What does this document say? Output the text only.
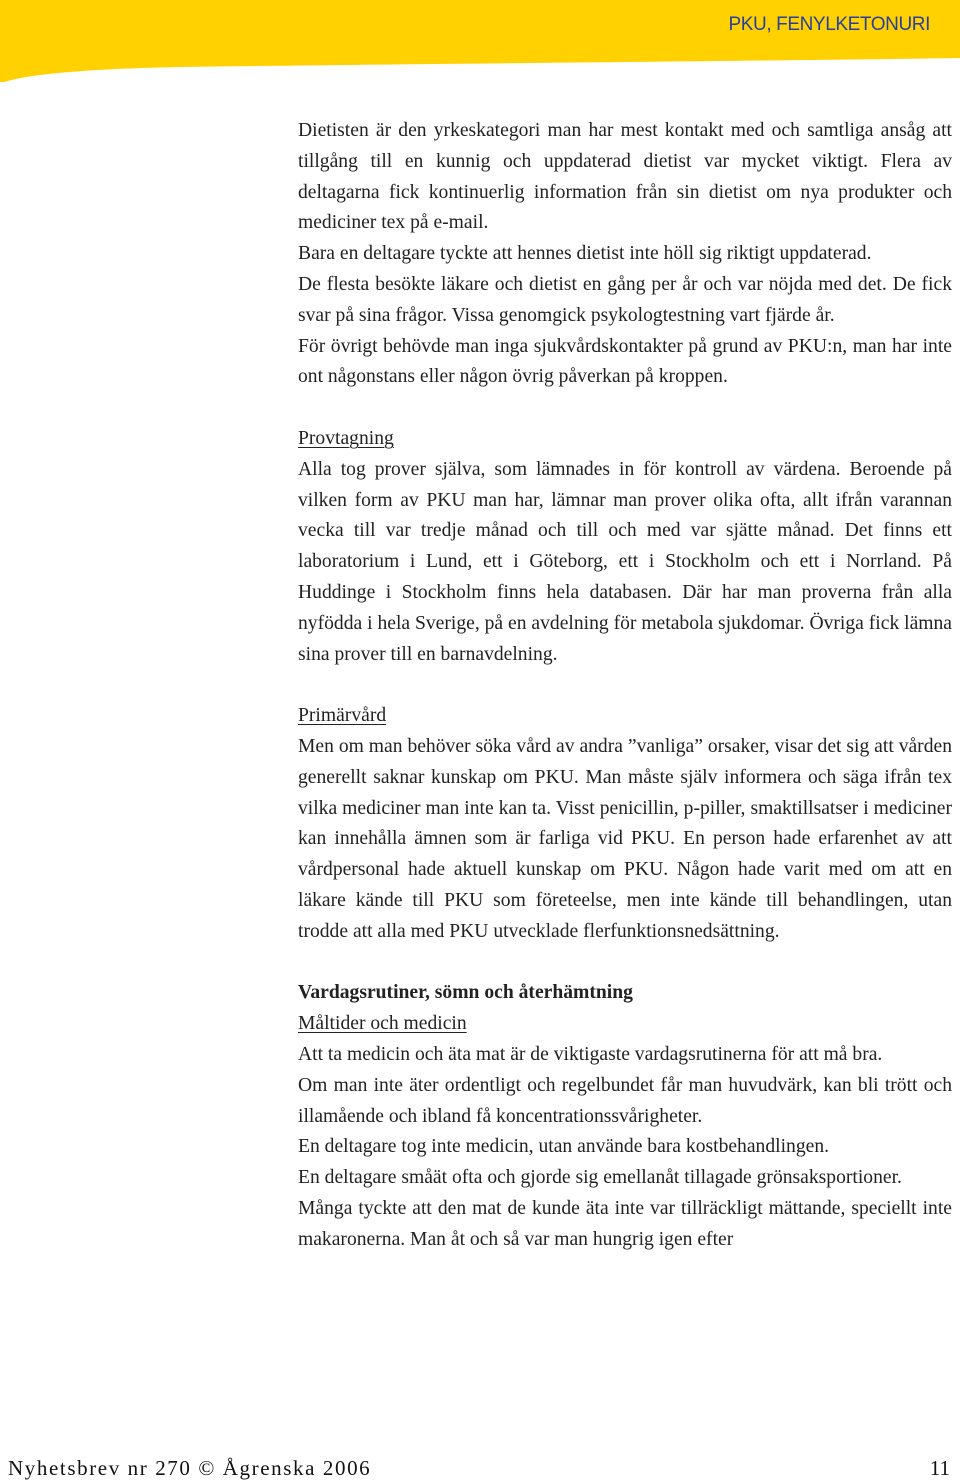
PKU, FENYLKETONURI

Dietisten är den yrkeskategori man har mest kontakt med och samtliga ansåg att tillgång till en kunnig och uppdaterad dietist var mycket viktigt. Flera av deltagarna fick kontinuerlig information från sin dietist om nya produkter och mediciner tex på e-mail.

Bara en deltagare tyckte att hennes dietist inte höll sig riktigt uppdaterad.

De flesta besökte läkare och dietist en gång per år och var nöjda med det. De fick svar på sina frågor. Vissa genomgick psykologtestning vart fjärde år.

För övrigt behövde man inga sjukvårdskontakter på grund av PKU:n, man har inte ont någonstans eller någon övrig påverkan på kroppen.

Provtagning

Alla tog prover själva, som lämnades in för kontroll av värdena. Beroende på vilken form av PKU man har, lämnar man prover olika ofta, allt ifrån varannan vecka till var tredje månad och till och med var sjätte månad. Det finns ett laboratorium i Lund, ett i Göteborg, ett i Stockholm och ett i Norrland. På Huddinge i Stockholm finns hela databasen. Där har man proverna från alla nyfödda i hela Sverige, på en avdelning för metabola sjukdomar. Övriga fick lämna sina prover till en barnavdelning.

Primärvård

Men om man behöver söka vård av andra ”vanliga” orsaker, visar det sig att vården generellt saknar kunskap om PKU. Man måste själv informera och säga ifrån tex vilka mediciner man inte kan ta. Visst penicillin, p-piller, smaktillsatser i mediciner kan innehålla ämnen som är farliga vid PKU. En person hade erfarenhet av att vårdpersonal hade aktuell kunskap om PKU. Någon hade varit med om att en läkare kände till PKU som företeelse, men inte kände till behandlingen, utan trodde att alla med PKU utvecklade flerfunktionsnedsättning.

Vardagsrutiner, sömn och återhämtning

Måltider och medicin

Att ta medicin och äta mat är de viktigaste vardagsrutinerna för att må bra.

Om man inte äter ordentligt och regelbundet får man huvudvärk, kan bli trött och illamående och ibland få koncentrationssvårigheter.

En deltagare tog inte medicin, utan använde bara kostbehandlingen.

En deltagare småät ofta och gjorde sig emellanåt tillagade grönsaksportioner.

Många tyckte att den mat de kunde äta inte var tillräckligt mättande, speciellt inte makaronerna. Man åt och så var man hungrig igen efter

Nyhetsbrev nr 270 © Ågrenska 2006	11
